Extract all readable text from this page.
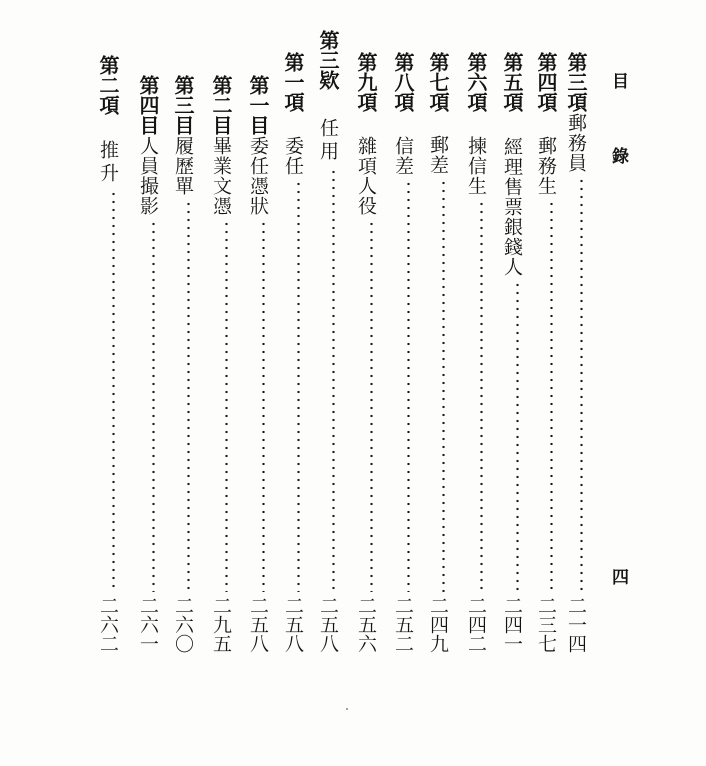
目錄
四
第三項
郵務員
二一四
第四項
郵務生
二三七
第五項
經理售票銀錢人
二四一
第六項
揀信生
二四二
第七項
郵差
二四九
第八項
信差
二五二
第九項
雜項人役
二五六
第三欵
任用
二五八
第一項
委任
二五八
第一目
委任憑狀
二五八
第二目
畢業文憑
二九五
第三目
履歷單
二六〇
第四目
人員撮影
二六一
第二項
推升
二六二
